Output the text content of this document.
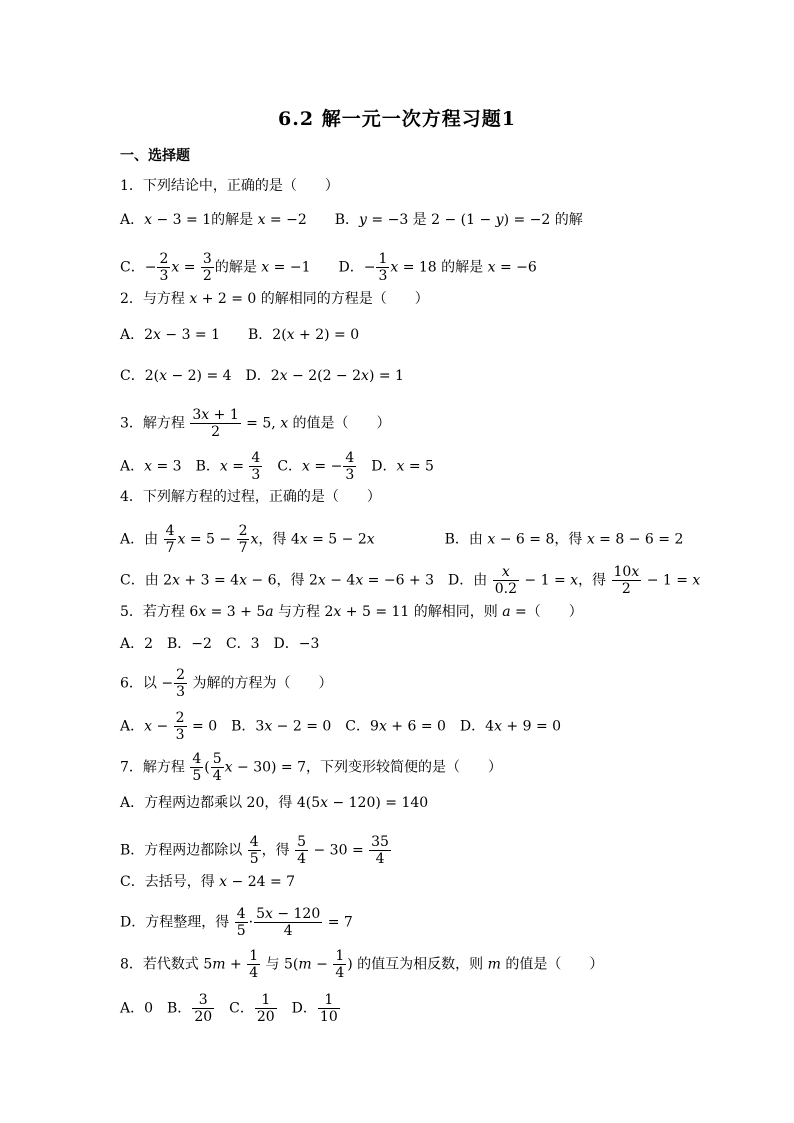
6.2 解一元一次方程习题1
一、选择题
1．下列结论中，正确的是（　　）
A．x − 3 = 1的解是 x = −2　　B．y = −3 是 2 − (1 − y) = −2 的解
C．− $\frac{2}{3}$ $x = \frac{3}{2}$ 的解是 x = −1　　D．− $\frac{1}{3}$ x = 18 的解是 x = −6
2．与方程 x + 2 = 0 的解相同的方程是（　　）
A．2x − 3 = 1　　B．2(x + 2) = 0
C．2(x − 2) = 4　D．2x − 2(2 − 2x) = 1
3．解方程 $\frac{3x + 1}{2} = 5$, x 的值是（　　）
A．x = 3　B．$x = \frac{4}{3}$ 　C．x = − $\frac{4}{3}$ 　D．x = 5
4．下列解方程的过程，正确的是（　　）
A．由 $\frac{4}{7}$ $x = 5 - \frac{2}{7}$ x，得 4x = 5 − 2x　　　　　B．由 x − 6 = 8，得 x = 8 − 6 = 2
C．由 2x + 3 = 4x − 6，得 2x − 4x = −6 + 3　D．由 $\frac{x}{0.2} - 1 = x$，得 $\frac{10x}{2} - 1 = x$
5．若方程 6x = 3 + 5a 与方程 2x + 5 = 11 的解相同，则 a =（　　）
A．2　B．−2　C．3　D．−3
6．以 − $\frac{2}{3}$ 为解的方程为（　　）
A．$x - \frac{2}{3} = 0$　B．3x − 2 = 0　C．9x + 6 = 0　D．4x + 9 = 0
7．解方程 $\frac{4}{5}$ ( $\frac{5}{4}$ x − 30) = 7，下列变形较简便的是（　　）
A．方程两边都乘以 20，得 4(5x − 120) = 140
B．方程两边都除以 $\frac{4}{5}$ ，得 $\frac{5}{4} - 30 = \frac{35}{4}$
C．去括号，得 x − 24 = 7
D．方程整理，得 $\frac{4}{5} \cdot \frac{5x - 120}{4} = 7$
8．若代数式 $5m + \frac{1}{4}$ 与 $5(m - \frac{1}{4}$ ) 的值互为相反数，则 m 的值是（　　）
A．0　B． $\frac{3}{20}$ 　C． $\frac{1}{20}$ 　D． $\frac{1}{10}$
